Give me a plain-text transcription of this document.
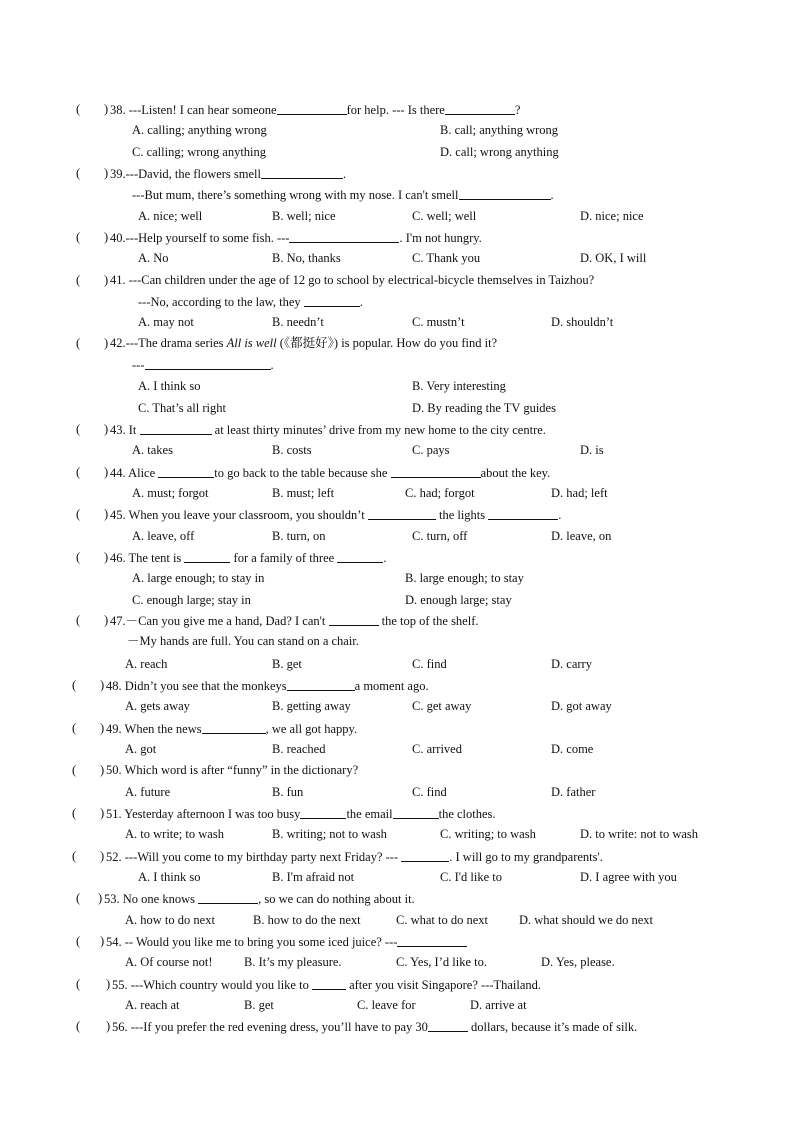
( ) 38. ---Listen! I can hear someone	for help. --- Is there	?
A. calling; anything wrong	B. call; anything wrong
C. calling; wrong anything	D. call; wrong anything
( ) 39.---David, the flowers smell	.
---But mum, there’s something wrong with my nose. I can't smell	.
A. nice; well	B. well; nice	C. well; well	D. nice; nice
( ) 40.---Help yourself to some fish. ---	. I'm not hungry.
A. No	B. No, thanks	C. Thank you	D. OK, I will
( ) 41. ---Can children under the age of 12 go to school by electrical-bicycle themselves in Taizhou?
---No, according to the law, they	.
A. may not	B. needn’t	C. mustn’t	D. shouldn’t
( ) 42.---The drama series All is well (《都挺好》) is popular. How do you find it?
---	.
A. I think so	B. Very interesting
C. That’s all right	D. By reading the TV guides
( ) 43. It	at least thirty minutes’ drive from my new home to the city centre.
A. takes	B. costs	C. pays	D. is
( ) 44. Alice	to go back to the table because she	about the key.
A. must; forgot	B. must; left	C. had; forgot	D. had; left
( ) 45. When you leave your classroom, you shouldn’t	the lights	.
A. leave, off	B. turn, on	C. turn, off	D. leave, on
( ) 46. The tent is	for a family of three	.
A. large enough; to stay in	B. large enough; to stay
C. enough large; stay in	D. enough large; stay
( ) 47.－Can you give me a hand, Dad? I can't	the top of the shelf.
－My hands are full. You can stand on a chair.
A. reach	B. get	C. find	D. carry
( ) 48. Didn’t you see that the monkeys	a moment ago.
A. gets away	B. getting away	C. get away	D. got away
( ) 49. When the news	, we all got happy.
A. got	B. reached	C. arrived	D. come
( ) 50. Which word is after “funny” in the dictionary?
A. future	B. fun	C. find	D. father
( ) 51. Yesterday afternoon I was too busy	the email	the clothes.
A. to write; to wash	B. writing; not to wash	C. writing; to wash	D. to write: not to wash
( ) 52. ---Will you come to my birthday party next Friday? ---	. I will go to my grandparents'.
A. I think so	B. I'm afraid not	C. I'd like to	D. I agree with you
( ) 53. No one knows	, so we can do nothing about it.
A. how to do next	B. how to do the next	C. what to do next D. what should we do next
( ) 54. -- Would you like me to bring you some iced juice? ---
A. Of course not!	B. It’s my pleasure.	C. Yes, I’d like to.	D. Yes, please.
( ) 55. ---Which country would you like to	after you visit Singapore? ---Thailand.
A. reach at	B. get	C. leave for	D. arrive at
( ) 56. ---If you prefer the red evening dress, you’ll have to pay 30	dollars, because it’s made of silk.
